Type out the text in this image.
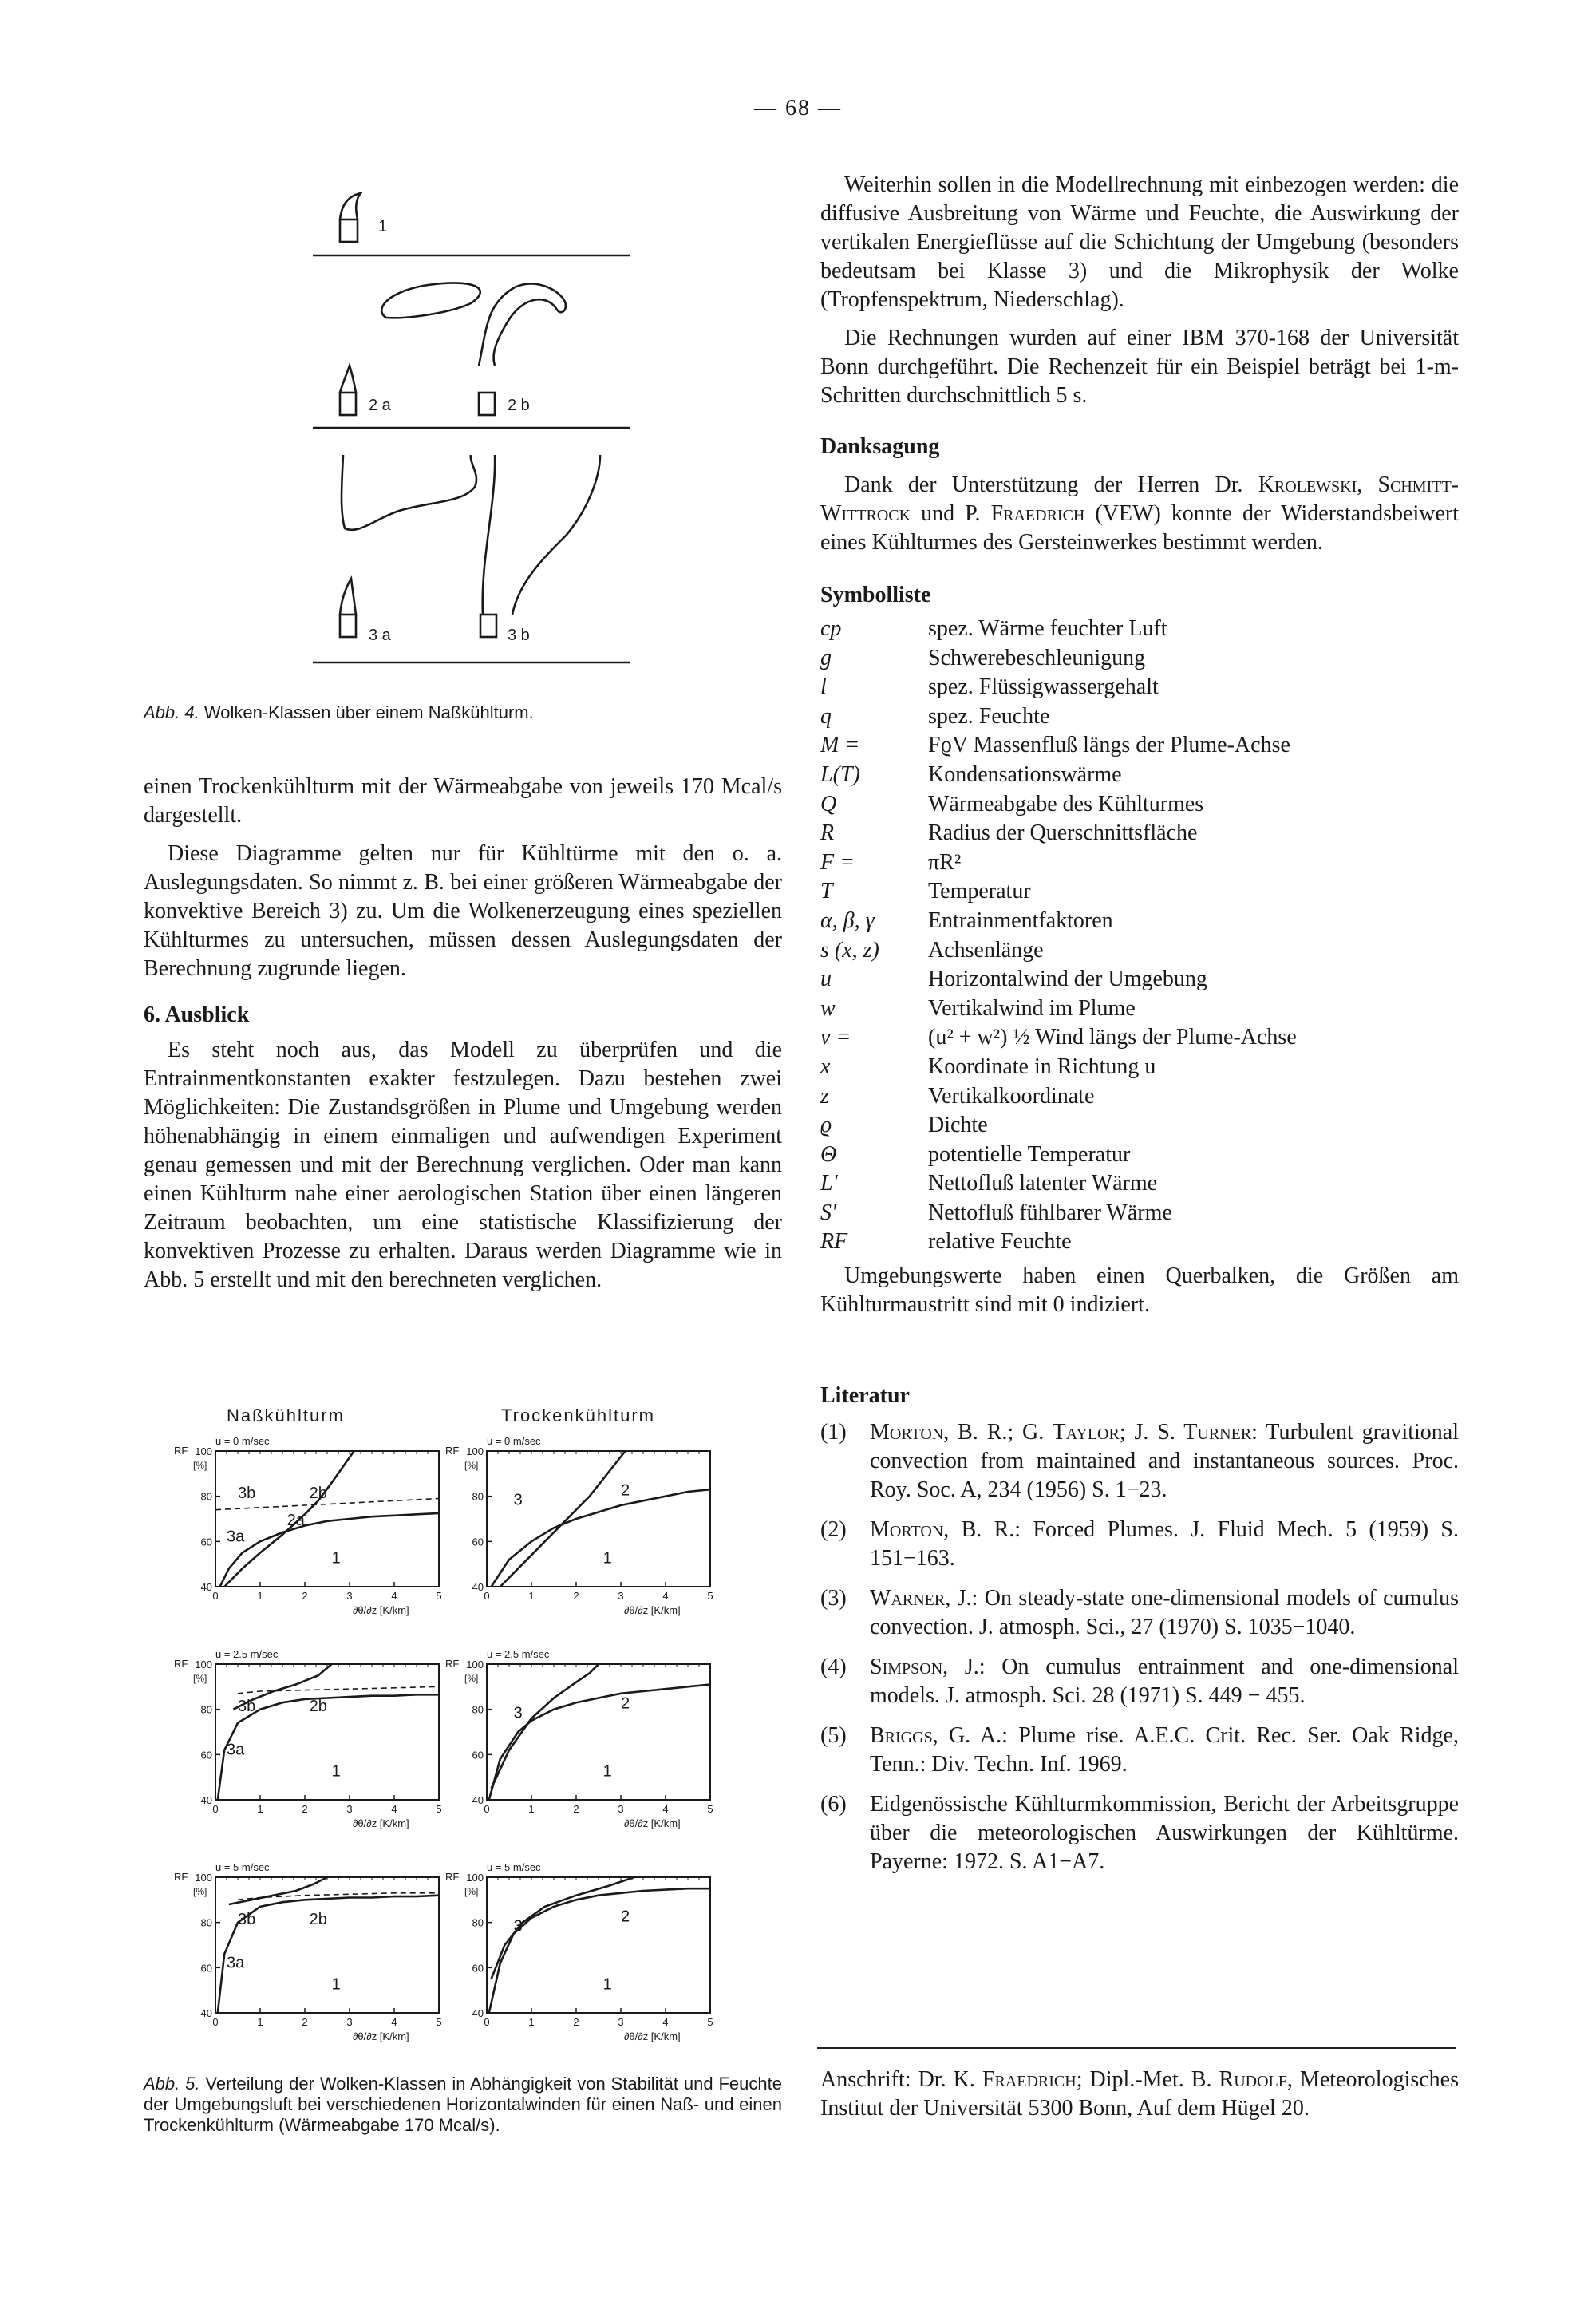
— 68 —
1
2 a	2 b
3 a	3 b
Abb. 4. Wolken-Klassen über einem Naßkühlturm.

einen Trockenkühlturm mit der Wärmeabgabe von jeweils 170 Mcal/s dargestellt.

Diese Diagramme gelten nur für Kühltürme mit den o. a. Auslegungsdaten. So nimmt z. B. bei einer größeren Wärmeabgabe der konvektive Bereich 3) zu. Um die Wolkenerzeugung eines speziellen Kühlturmes zu untersuchen, müssen dessen Auslegungsdaten der Berechnung zugrunde liegen.

6. Ausblick

Es steht noch aus, das Modell zu überprüfen und die Entrainmentkonstanten exakter festzulegen. Dazu bestehen zwei Möglichkeiten: Die Zustandsgrößen in Plume und Umgebung werden höhenabhängig in einem einmaligen und aufwendigen Experiment genau gemessen und mit der Berechnung verglichen. Oder man kann einen Kühlturm nahe einer aerologischen Station über einen längeren Zeitraum beobachten, um eine statistische Klassifizierung der konvektiven Prozesse zu erhalten. Daraus werden Diagramme wie in Abb. 5 erstellt und mit den berechneten verglichen.

Naßkühlturm	Trockenkühlturm
u = 0 m/sec
40
60
80
100
0	1	2	3	4	5
RF
[%]
∂θ/∂z [K/km]
3b	2b
2a
3a
1
u = 0 m/sec
40
60
80
100
0	1	2	3	4	5
RF
[%]
∂θ/∂z [K/km]
3
2
1
u = 2.5 m/sec
40
60
80
100
0	1	2	3	4	5
RF
[%]
∂θ/∂z [K/km]
3b	2b
3a
1
u = 2.5 m/sec
40
60
80
100
0	1	2	3	4	5
RF
[%]
∂θ/∂z [K/km]
3
2
1
u = 5 m/sec
40
60
80
100
0	1	2	3	4	5
RF
[%]
∂θ/∂z [K/km]
3b	2b
3a
1
u = 5 m/sec
40
60
80
100
0	1	2	3	4	5
RF
[%]
∂θ/∂z [K/km]
3
2
1
Abb. 5. Verteilung der Wolken-Klassen in Abhängigkeit von Stabilität und Feuchte der Umgebungsluft bei verschiedenen Horizontalwinden für einen Naß- und einen Trockenkühlturm (Wärmeabgabe 170 Mcal/s).

Weiterhin sollen in die Modellrechnung mit einbezogen werden: die diffusive Ausbreitung von Wärme und Feuchte, die Auswirkung der vertikalen Energieflüsse auf die Schichtung der Umgebung (besonders bedeutsam bei Klasse 3) und die Mikrophysik der Wolke (Tropfenspektrum, Niederschlag).

Die Rechnungen wurden auf einer IBM 370-168 der Universität Bonn durchgeführt. Die Rechenzeit für ein Beispiel beträgt bei 1-m-Schritten durchschnittlich 5 s.

Danksagung

Dank der Unterstützung der Herren Dr. Krolewski, Schmitt-Wittrock und P. Fraedrich (VEW) konnte der Widerstandsbeiwert eines Kühlturmes des Gersteinwerkes bestimmt werden.

Symbolliste
cp	spez. Wärme feuchter Luft
g	Schwerebeschleunigung
l	spez. Flüssigwassergehalt
q	spez. Feuchte
M =	FϱV Massenfluß längs der Plume-Achse
L(T)	Kondensationswärme
Q	Wärmeabgabe des Kühlturmes
R	Radius der Querschnittsfläche
F =	πR²
T	Temperatur
α, β, γ	Entrainmentfaktoren
s (x, z)	Achsenlänge
u	Horizontalwind der Umgebung
w	Vertikalwind im Plume
v =	(u² + w²) ½ Wind längs der Plume-Achse
x	Koordinate in Richtung u
z	Vertikalkoordinate
ϱ	Dichte
Θ	potentielle Temperatur
L'	Nettofluß latenter Wärme
S'	Nettofluß fühlbarer Wärme
RF	relative Feuchte

Umgebungswerte haben einen Querbalken, die Größen am Kühlturmaustritt sind mit 0 indiziert.

Literatur
(1)	Morton, B. R.; G. Taylor; J. S. Turner: Turbulent gravitional convection from maintained and instantaneous sources. Proc. Roy. Soc. A, 234 (1956) S. 1−23.
(2)	Morton, B. R.: Forced Plumes. J. Fluid Mech. 5 (1959) S. 151−163.
(3)	Warner, J.: On steady-state one-dimensional models of cumulus convection. J. atmosph. Sci., 27 (1970) S. 1035−1040.
(4)	Simpson, J.: On cumulus entrainment and one-dimensional models. J. atmosph. Sci. 28 (1971) S. 449 − 455.
(5)	Briggs, G. A.: Plume rise. A.E.C. Crit. Rec. Ser. Oak Ridge, Tenn.: Div. Techn. Inf. 1969.
(6)	Eidgenössische Kühlturmkommission, Bericht der Arbeitsgruppe über die meteorologischen Auswirkungen der Kühltürme. Payerne: 1972. S. A1−A7.
Anschrift: Dr. K. Fraedrich; Dipl.-Met. B. Rudolf, Meteorologisches Institut der Universität 5300 Bonn, Auf dem Hügel 20.
